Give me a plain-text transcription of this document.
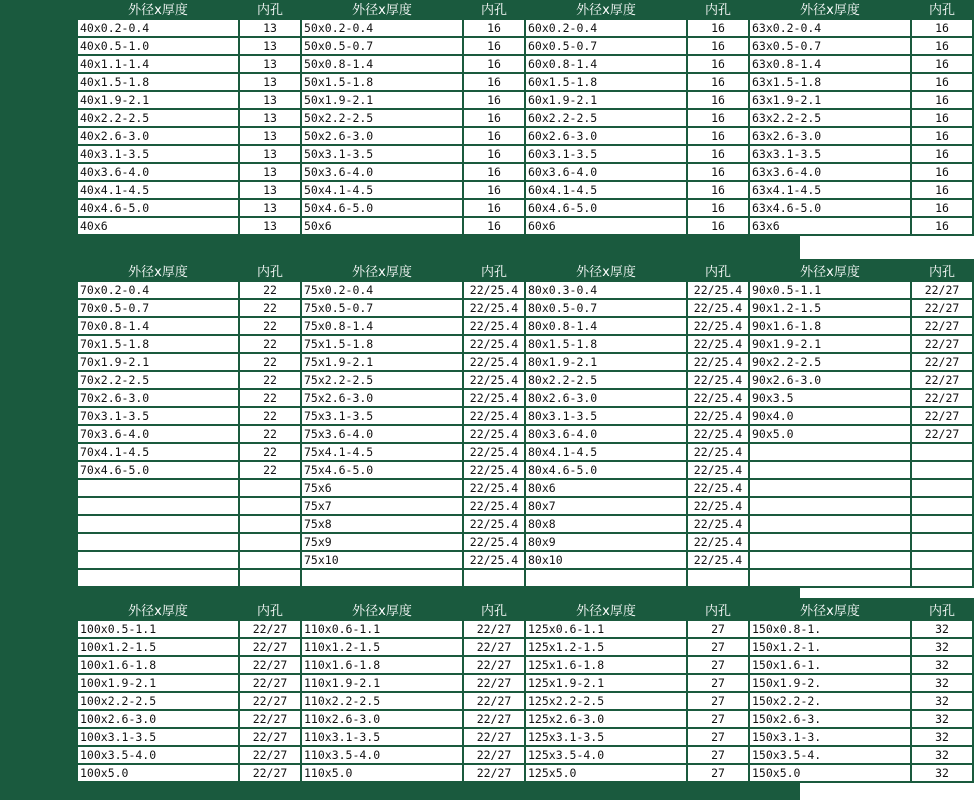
外径x厚度	内孔	外径x厚度	内孔	外径x厚度	内孔	外径x厚度	内孔
40x0.2-0.4	13	50x0.2-0.4	16	60x0.2-0.4	16	63x0.2-0.4	16
40x0.5-1.0	13	50x0.5-0.7	16	60x0.5-0.7	16	63x0.5-0.7	16
40x1.1-1.4	13	50x0.8-1.4	16	60x0.8-1.4	16	63x0.8-1.4	16
40x1.5-1.8	13	50x1.5-1.8	16	60x1.5-1.8	16	63x1.5-1.8	16
40x1.9-2.1	13	50x1.9-2.1	16	60x1.9-2.1	16	63x1.9-2.1	16
40x2.2-2.5	13	50x2.2-2.5	16	60x2.2-2.5	16	63x2.2-2.5	16
40x2.6-3.0	13	50x2.6-3.0	16	60x2.6-3.0	16	63x2.6-3.0	16
40x3.1-3.5	13	50x3.1-3.5	16	60x3.1-3.5	16	63x3.1-3.5	16
40x3.6-4.0	13	50x3.6-4.0	16	60x3.6-4.0	16	63x3.6-4.0	16
40x4.1-4.5	13	50x4.1-4.5	16	60x4.1-4.5	16	63x4.1-4.5	16
40x4.6-5.0	13	50x4.6-5.0	16	60x4.6-5.0	16	63x4.6-5.0	16
40x6	13	50x6	16	60x6	16	63x6	16
外径x厚度	内孔	外径x厚度	内孔	外径x厚度	内孔	外径x厚度	内孔
70x0.2-0.4	22	75x0.2-0.4	22/25.4	80x0.3-0.4	22/25.4	90x0.5-1.1	22/27
70x0.5-0.7	22	75x0.5-0.7	22/25.4	80x0.5-0.7	22/25.4	90x1.2-1.5	22/27
70x0.8-1.4	22	75x0.8-1.4	22/25.4	80x0.8-1.4	22/25.4	90x1.6-1.8	22/27
70x1.5-1.8	22	75x1.5-1.8	22/25.4	80x1.5-1.8	22/25.4	90x1.9-2.1	22/27
70x1.9-2.1	22	75x1.9-2.1	22/25.4	80x1.9-2.1	22/25.4	90x2.2-2.5	22/27
70x2.2-2.5	22	75x2.2-2.5	22/25.4	80x2.2-2.5	22/25.4	90x2.6-3.0	22/27
70x2.6-3.0	22	75x2.6-3.0	22/25.4	80x2.6-3.0	22/25.4	90x3.5	22/27
70x3.1-3.5	22	75x3.1-3.5	22/25.4	80x3.1-3.5	22/25.4	90x4.0	22/27
70x3.6-4.0	22	75x3.6-4.0	22/25.4	80x3.6-4.0	22/25.4	90x5.0	22/27
70x4.1-4.5	22	75x4.1-4.5	22/25.4	80x4.1-4.5	22/25.4		
70x4.6-5.0	22	75x4.6-5.0	22/25.4	80x4.6-5.0	22/25.4		
		75x6	22/25.4	80x6	22/25.4		
		75x7	22/25.4	80x7	22/25.4		
		75x8	22/25.4	80x8	22/25.4		
		75x9	22/25.4	80x9	22/25.4		
		75x10	22/25.4	80x10	22/25.4		

外径x厚度	内孔	外径x厚度	内孔	外径x厚度	内孔	外径x厚度	内孔
100x0.5-1.1	22/27	110x0.6-1.1	22/27	125x0.6-1.1	27	150x0.8-1.	32
100x1.2-1.5	22/27	110x1.2-1.5	22/27	125x1.2-1.5	27	150x1.2-1.	32
100x1.6-1.8	22/27	110x1.6-1.8	22/27	125x1.6-1.8	27	150x1.6-1.	32
100x1.9-2.1	22/27	110x1.9-2.1	22/27	125x1.9-2.1	27	150x1.9-2.	32
100x2.2-2.5	22/27	110x2.2-2.5	22/27	125x2.2-2.5	27	150x2.2-2.	32
100x2.6-3.0	22/27	110x2.6-3.0	22/27	125x2.6-3.0	27	150x2.6-3.	32
100x3.1-3.5	22/27	110x3.1-3.5	22/27	125x3.1-3.5	27	150x3.1-3.	32
100x3.5-4.0	22/27	110x3.5-4.0	22/27	125x3.5-4.0	27	150x3.5-4.	32
100x5.0	22/27	110x5.0	22/27	125x5.0	27	150x5.0	32
